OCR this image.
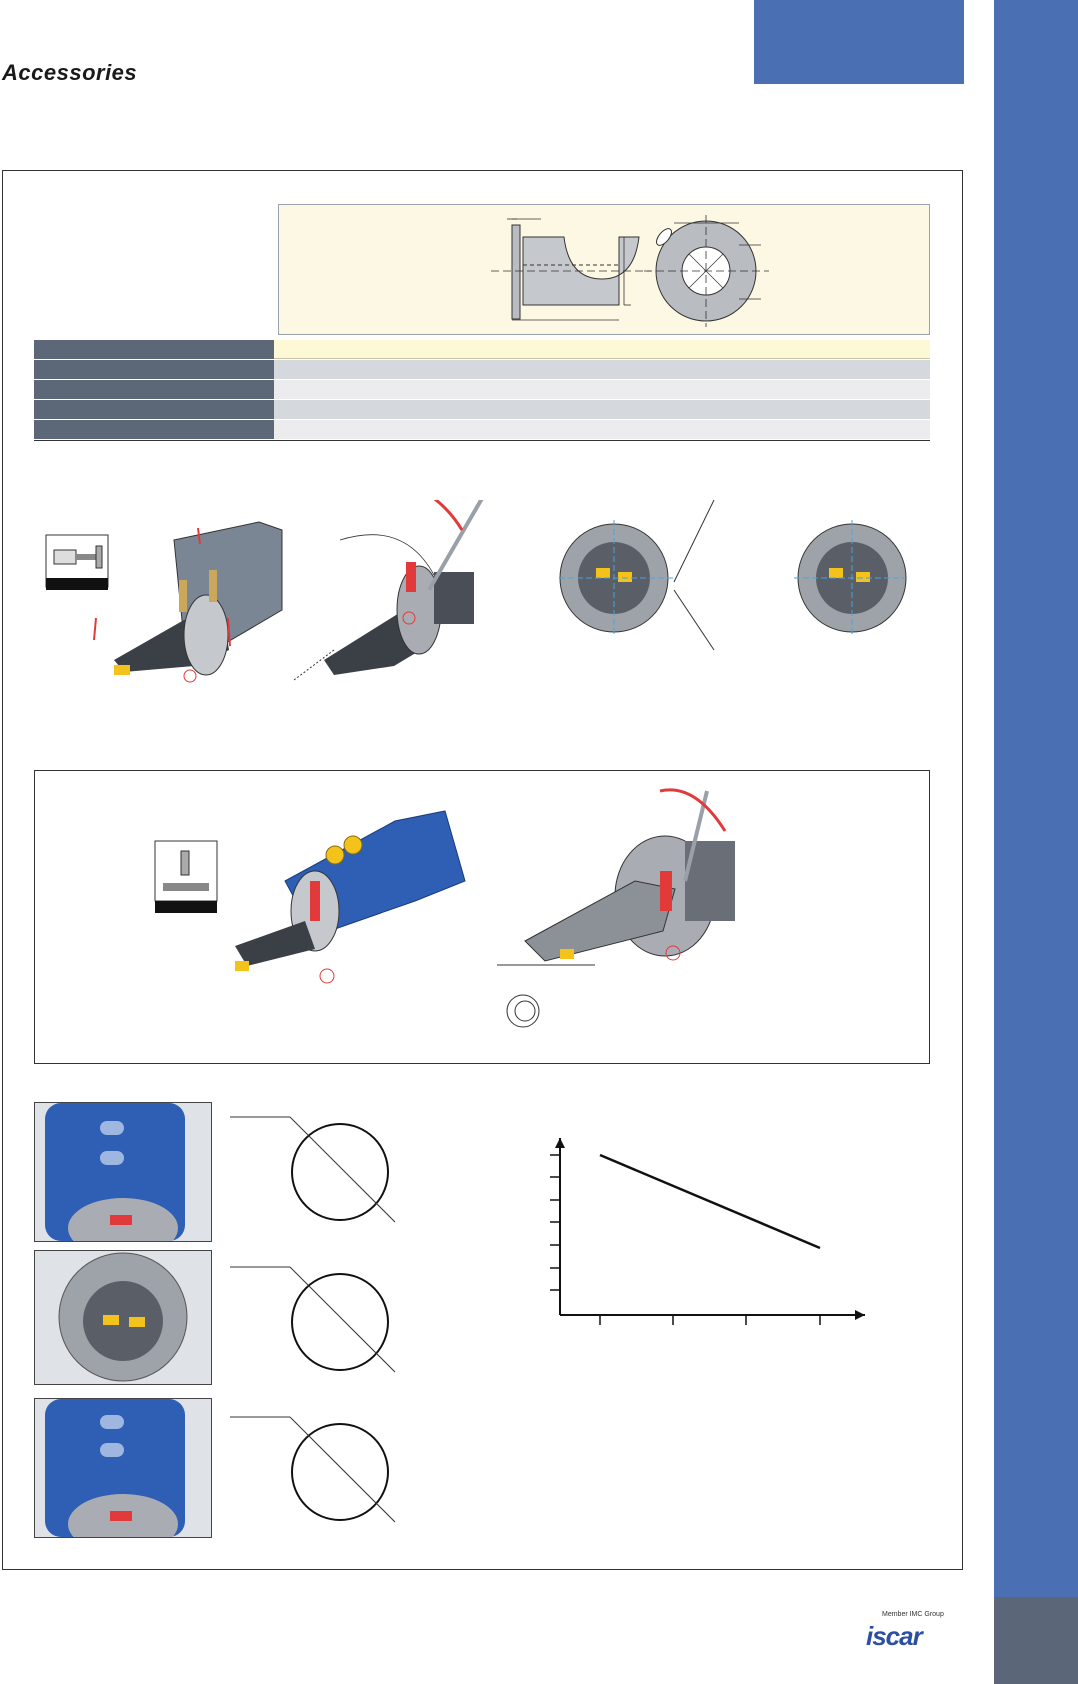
Accessories
Member IMC Group
iscar
